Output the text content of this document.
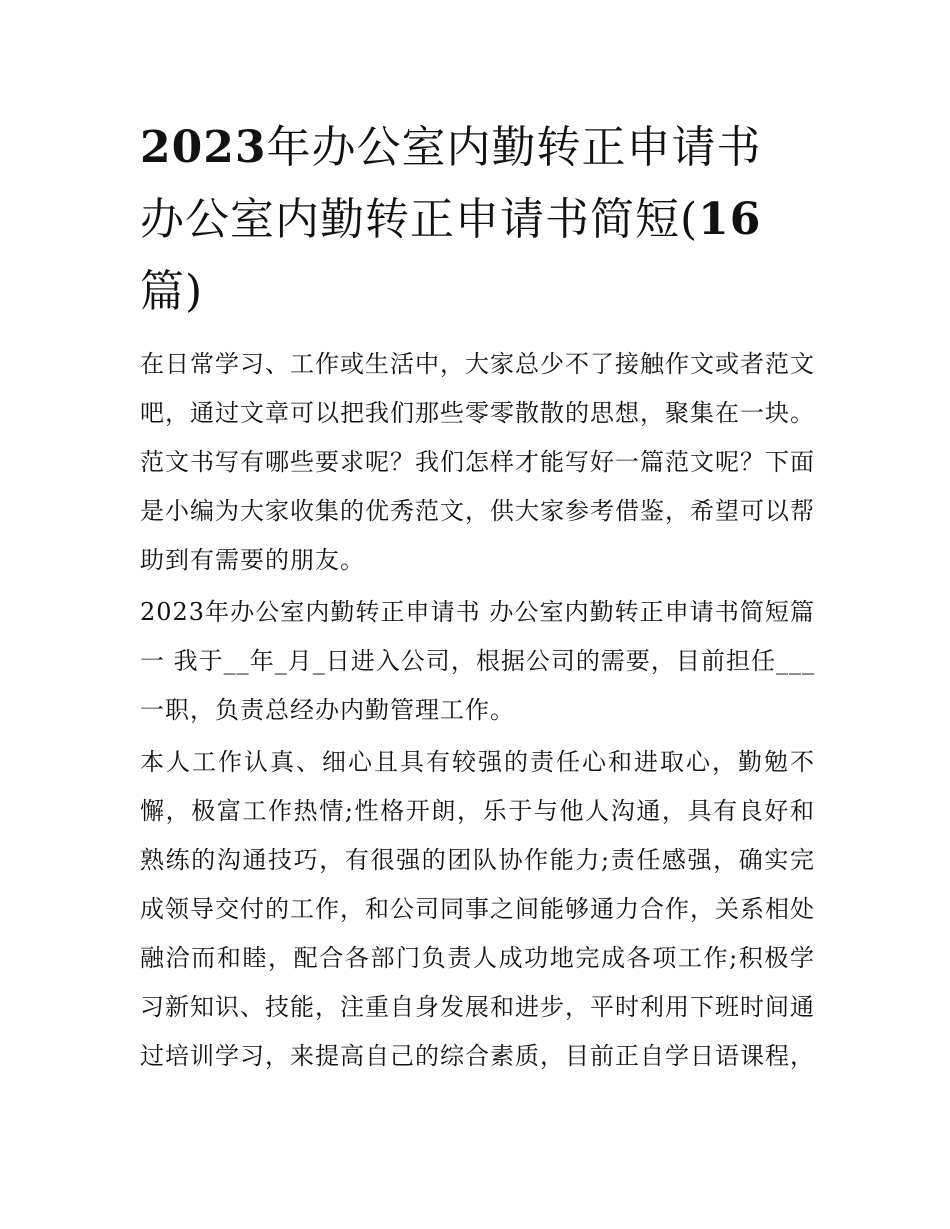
2023年办公室内勤转正申请书 办公室内勤转正申请书简短(16篇)

在日常学习、工作或生活中，大家总少不了接触作文或者范文吧，通过文章可以把我们那些零零散散的思想，聚集在一块。范文书写有哪些要求呢？我们怎样才能写好一篇范文呢？下面是小编为大家收集的优秀范文，供大家参考借鉴，希望可以帮助到有需要的朋友。

2023年办公室内勤转正申请书 办公室内勤转正申请书简短篇一 我于__年_月_日进入公司，根据公司的需要，目前担任___一职，负责总经办内勤管理工作。

本人工作认真、细心且具有较强的责任心和进取心，勤勉不懈，极富工作热情;性格开朗，乐于与他人沟通，具有良好和熟练的沟通技巧，有很强的团队协作能力;责任感强，确实完成领导交付的工作，和公司同事之间能够通力合作，关系相处融洽而和睦，配合各部门负责人成功地完成各项工作;积极学习新知识、技能，注重自身发展和进步，平时利用下班时间通过培训学习，来提高自己的综合素质，目前正自学日语课程，
